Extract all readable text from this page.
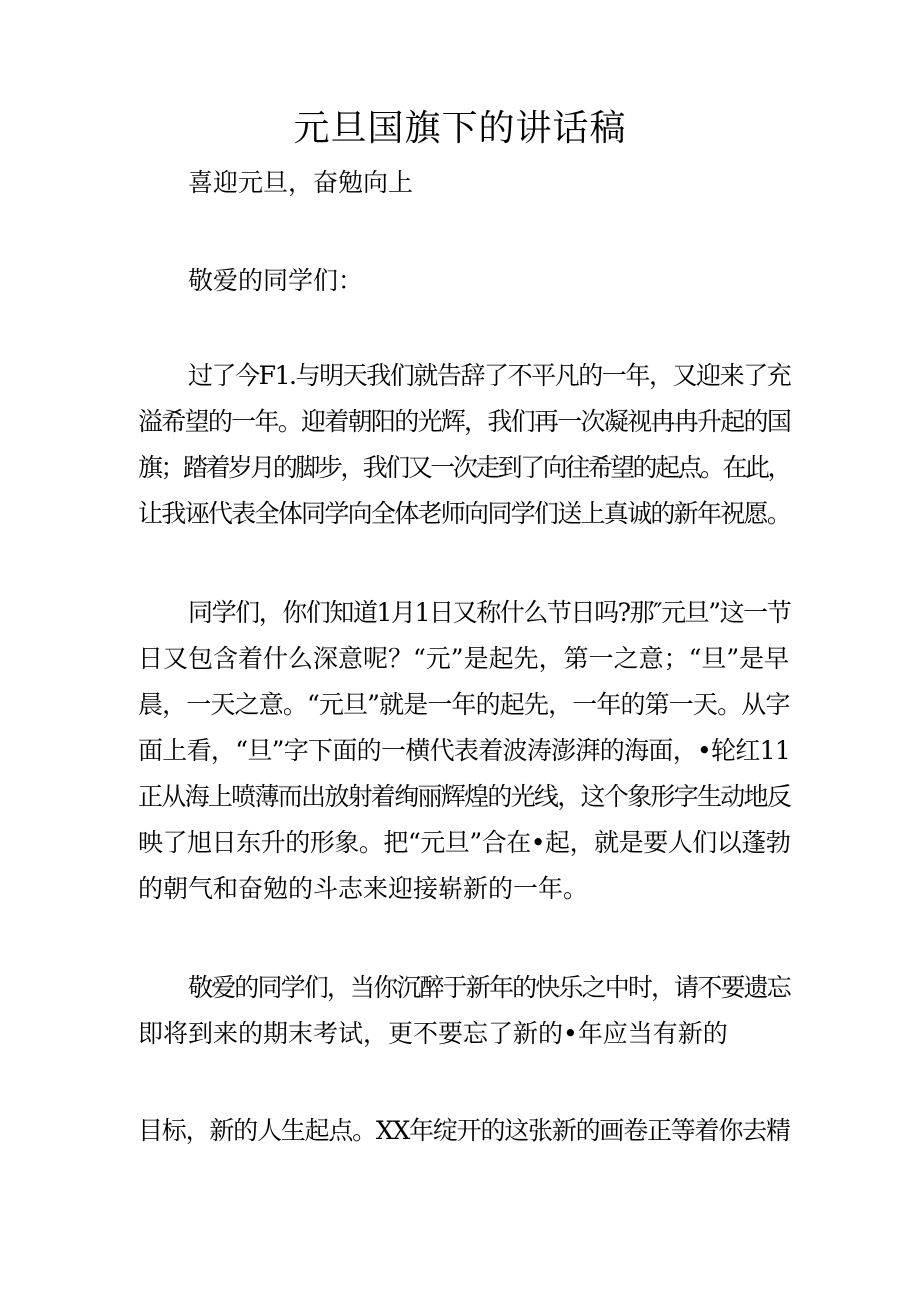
元旦国旗下的讲话稿
喜迎元旦，奋勉向上
敬爱的同学们：
过了今F1.与明天我们就告辞了不平凡的一年，又迎来了充
溢希望的一年。迎着朝阳的光辉，我们再一次凝视冉冉升起的国
旗；踏着岁月的脚步，我们又一次走到了向往希望的起点。在此，
让我诬代表全体同学向全体老师向同学们送上真诚的新年祝愿。
同学们，你们知道1月1日又称什么节日吗?那″元旦”这一节
日又包含着什么深意呢？“元”是起先，第一之意；“旦”是早
晨，一天之意。“元旦”就是一年的起先，一年的第一天。从字
面上看，“旦”字下面的一横代表着波涛澎湃的海面，•轮红11
正从海上喷薄而出放射着绚丽辉煌的光线，这个象形字生动地反
映了旭日东升的形象。把“元旦”合在•起，就是要人们以蓬勃
的朝气和奋勉的斗志来迎接崭新的一年。
敬爱的同学们，当你沉醉于新年的快乐之中时，请不要遗忘
即将到来的期末考试，更不要忘了新的•年应当有新的
目标，新的人生起点。XX年绽开的这张新的画卷正等着你去精
